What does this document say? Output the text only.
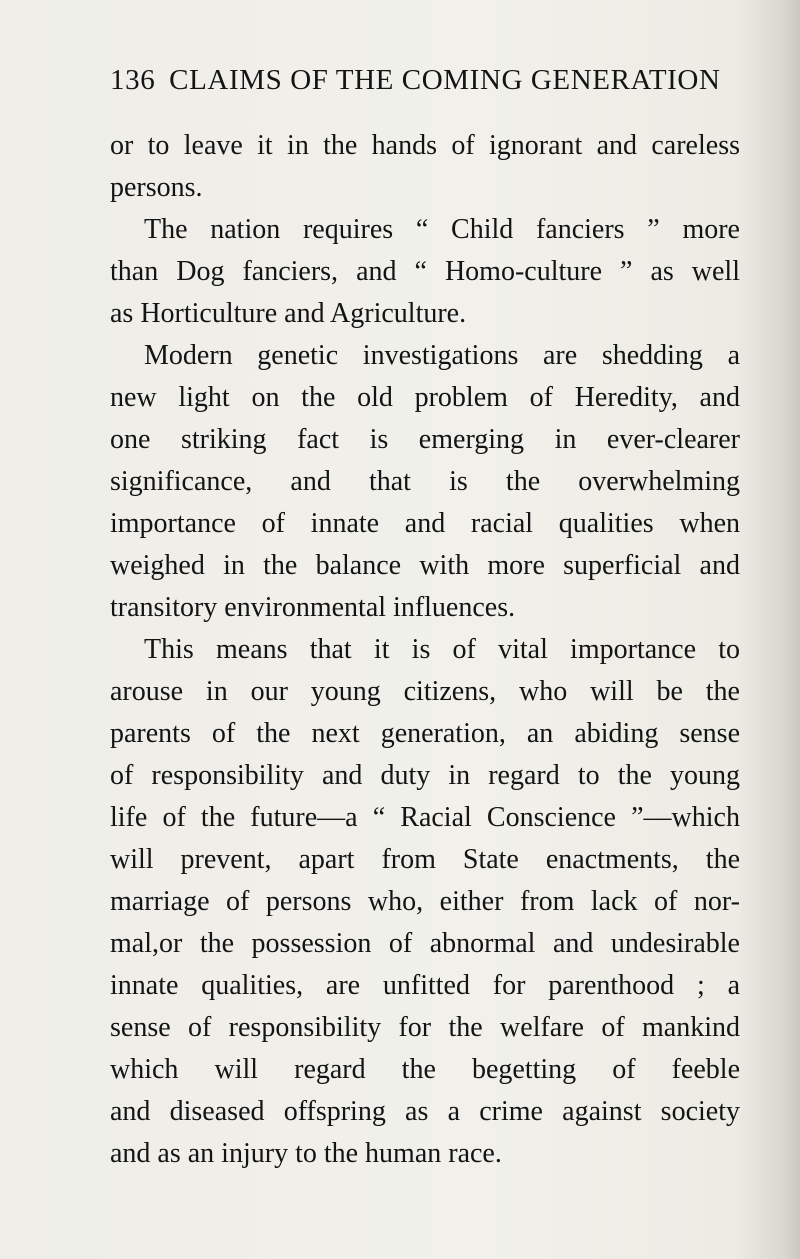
136 CLAIMS OF THE COMING GENERATION
or to leave it in the hands of ignorant and careless
persons.
The nation requires “ Child fanciers ” more
than Dog fanciers, and “ Homo-culture ” as well
as Horticulture and Agriculture.
Modern genetic investigations are shedding a
new light on the old problem of Heredity, and
one striking fact is emerging in ever-clearer
significance, and that is the overwhelming
importance of innate and racial qualities when
weighed in the balance with more superficial and
transitory environmental influences.
This means that it is of vital importance to
arouse in our young citizens, who will be the
parents of the next generation, an abiding sense
of responsibility and duty in regard to the young
life of the future—a “ Racial Conscience ”—which
will prevent, apart from State enactments, the
marriage of persons who, either from lack of nor-
mal,or the possession of abnormal and undesirable
innate qualities, are unfitted for parenthood ; a
sense of responsibility for the welfare of mankind
which will regard the begetting of feeble
and diseased offspring as a crime against society
and as an injury to the human race.
